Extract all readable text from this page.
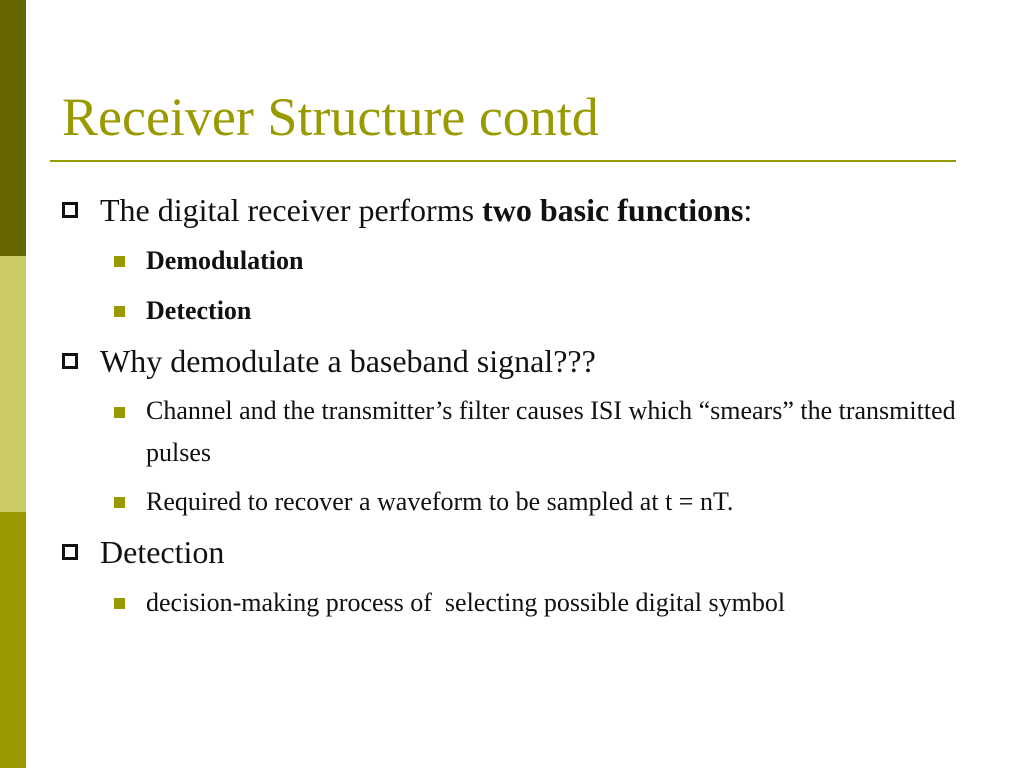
Receiver Structure contd
The digital receiver performs two basic functions:
Demodulation
Detection
Why demodulate a baseband signal???
Channel and the transmitter’s filter causes ISI which “smears” the transmitted pulses
Required to recover a waveform to be sampled at t = nT.
Detection
decision-making process of  selecting possible digital symbol
